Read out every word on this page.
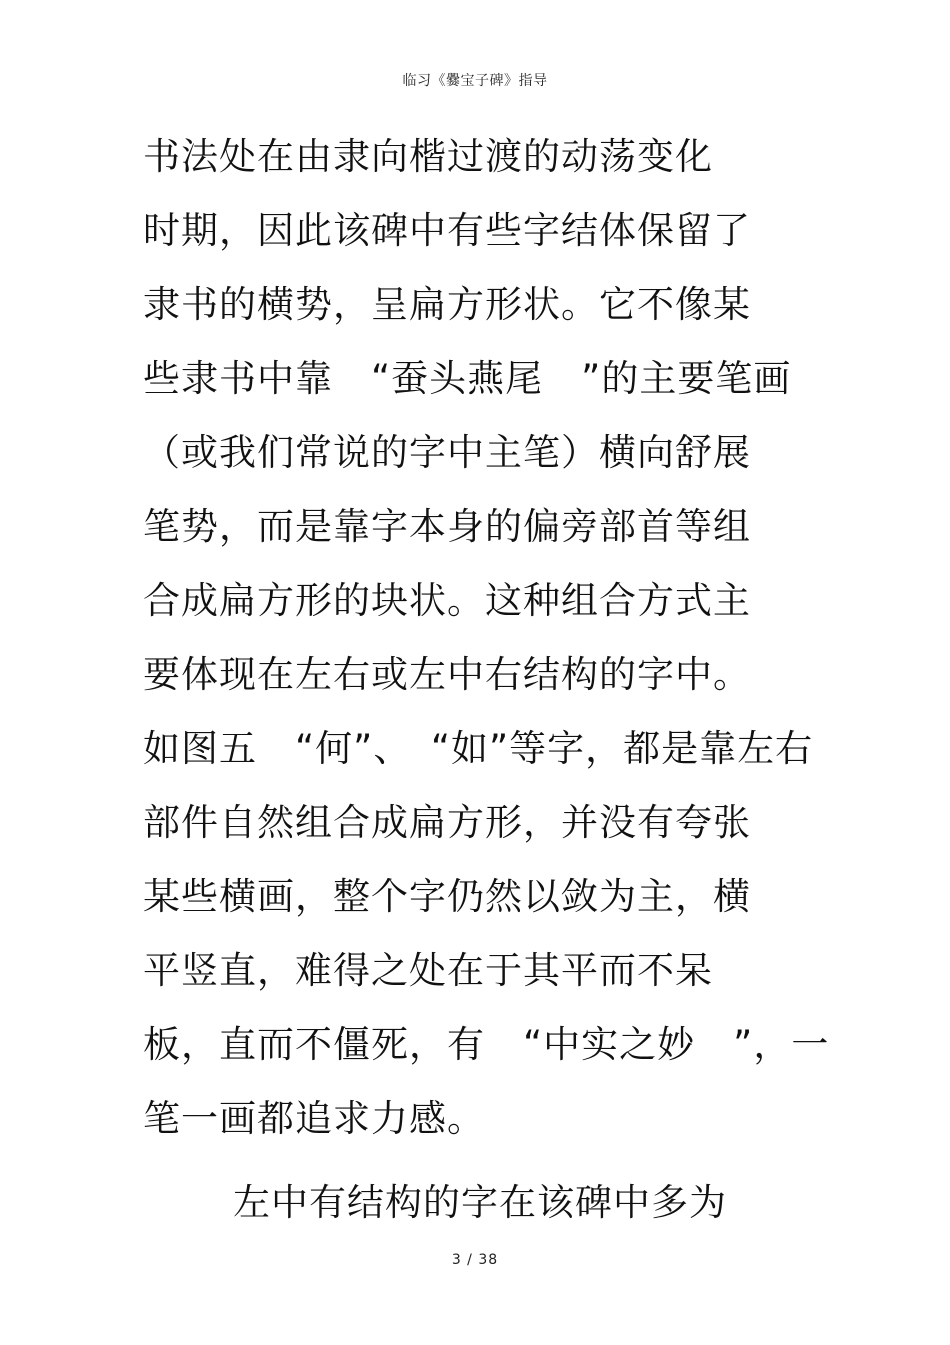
临习《爨宝子碑》指导
书法处在由隶向楷过渡的动荡变化
时期，因此该碑中有些字结体保留了
隶书的横势，呈扁方形状。它不像某
些隶书中靠　“蚕头燕尾　”的主要笔画
（或我们常说的字中主笔）横向舒展
笔势，而是靠字本身的偏旁部首等组
合成扁方形的块状。这种组合方式主
要体现在左右或左中右结构的字中。
如图五　“何”、　“如”等字，都是靠左右
部件自然组合成扁方形，并没有夸张
某些横画，整个字仍然以敛为主，横
平竖直，难得之处在于其平而不呆
板，直而不僵死，有　“中实之妙　”，一
笔一画都追求力感。
左中有结构的字在该碑中多为
3 / 38
